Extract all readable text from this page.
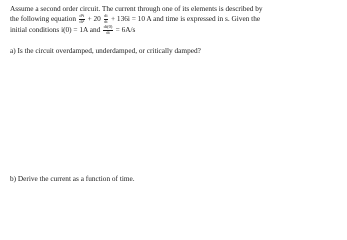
Assume a second order circuit. The current through one of its elements is described by
the following equation $\frac{\text{d²i}}{\text{dt²}} + 20 \frac{di}{dt} + 136i = 10$ A and time is expressed in s. Given the
initial conditions i(0) = 1A and $\frac{di(0)}{dt} = 6A/s$
a) Is the circuit overdamped, underdamped, or critically damped?
b) Derive the current as a function of time.
